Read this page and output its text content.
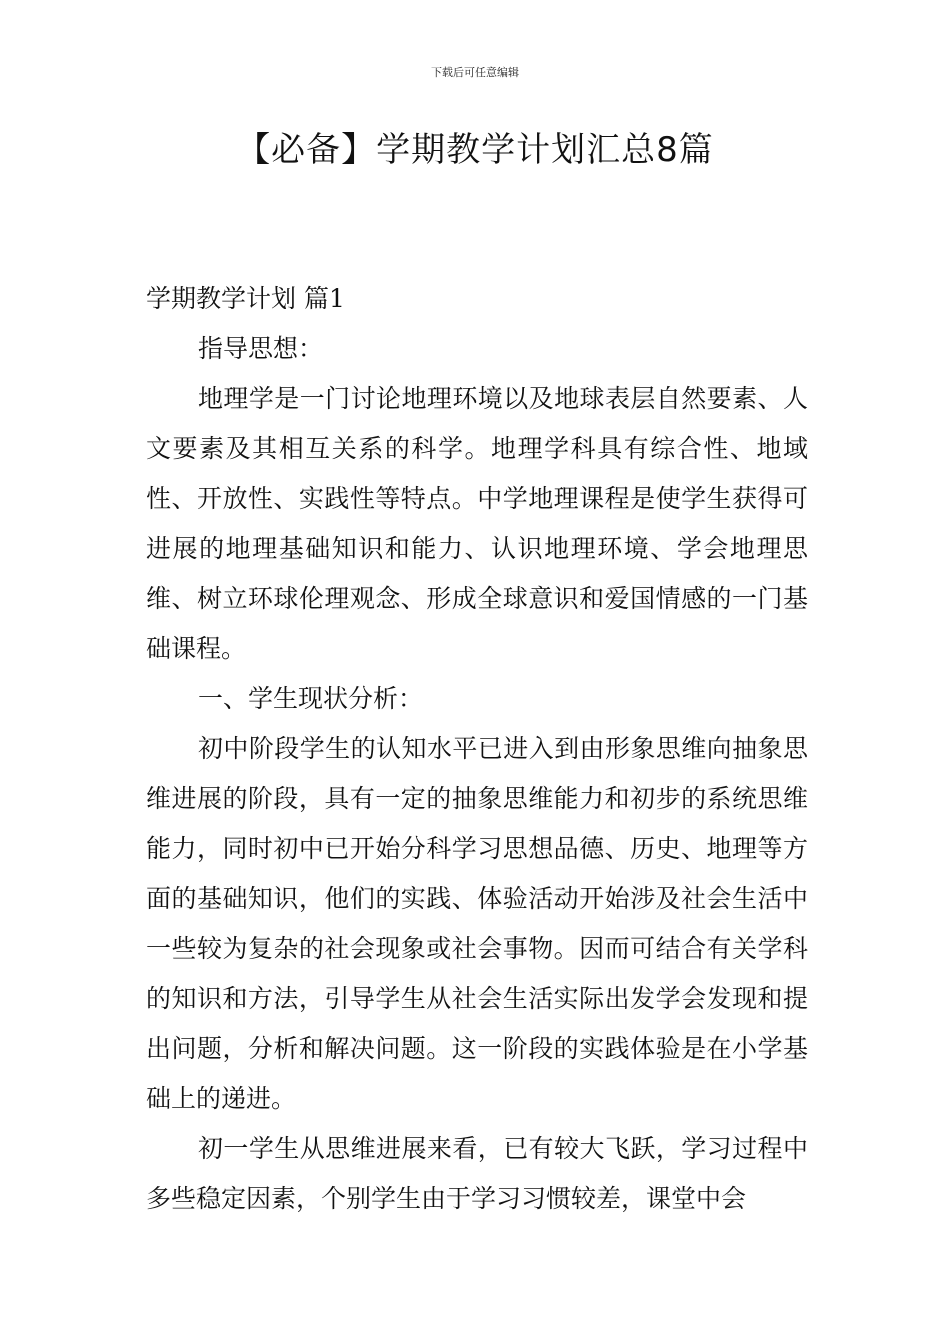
下载后可任意编辑
【必备】学期教学计划汇总8篇

学期教学计划 篇1

指导思想：

地理学是一门讨论地理环境以及地球表层自然要素、人文要素及其相互关系的科学。地理学科具有综合性、地域性、开放性、实践性等特点。中学地理课程是使学生获得可进展的地理基础知识和能力、认识地理环境、学会地理思维、树立环球伦理观念、形成全球意识和爱国情感的一门基础课程。

一、学生现状分析：

初中阶段学生的认知水平已进入到由形象思维向抽象思维进展的阶段，具有一定的抽象思维能力和初步的系统思维能力，同时初中已开始分科学习思想品德、历史、地理等方面的基础知识，他们的实践、体验活动开始涉及社会生活中一些较为复杂的社会现象或社会事物。因而可结合有关学科的知识和方法，引导学生从社会生活实际出发学会发现和提出问题，分析和解决问题。这一阶段的实践体验是在小学基础上的递进。

初一学生从思维进展来看，已有较大飞跃，学习过程中多些稳定因素，个别学生由于学习习惯较差，课堂中会
